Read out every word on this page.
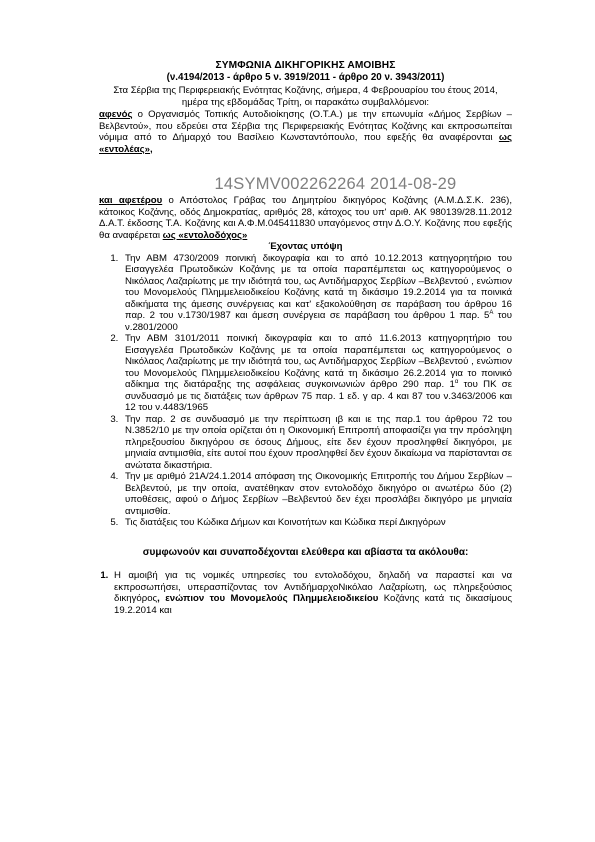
ΣΥΜΦΩΝΙΑ ΔΙΚΗΓΟΡΙΚΗΣ ΑΜΟΙΒΗΣ
(ν.4194/2013 - άρθρο 5 ν. 3919/2011 - άρθρο 20 ν. 3943/2011)
Στα Σέρβια της Περιφερειακής Ενότητας Κοζάνης, σήμερα, 4 Φεβρουαρίου του έτους 2014, ημέρα της εβδομάδας Τρίτη, οι παρακάτω συμβαλλόμενοι:
αφενός ο Οργανισμός Τοπικής Αυτοδιοίκησης (Ο.Τ.Α.) με την επωνυμία «Δήμος Σερβίων –Βελβεντού», που εδρεύει στα Σέρβια της Περιφερειακής Ενότητας Κοζάνης και εκπροσωπείται νόμιμα από το Δήμαρχό του Βασίλειο Κωνσταντόπουλο, που εφεξής θα αναφέρονται ως «εντολέας»,
14SYMV002262264 2014-08-29
και αφετέρου ο Απόστολος Γράβας του Δημητρίου δικηγόρος Κοζάνης (Α.Μ.Δ.Σ.Κ. 236), κάτοικος Κοζάνης, οδός Δημοκρατίας, αριθμός 28, κάτοχος του υπ' αριθ. ΑΚ 980139/28.11.2012 Δ.Α.Τ. έκδοσης Τ.Α. Κοζάνης και Α.Φ.Μ.045411830 υπαγόμενος στην Δ.Ο.Υ. Κοζάνης που εφεξής θα αναφέρεται ως «εντολοδόχος»
Έχοντας υπόψη
1. Την ΑΒΜ 4730/2009 ποινική δικογραφία και το από 10.12.2013 κατηγορητήριο του Εισαγγελέα Πρωτοδικών Κοζάνης με τα οποία παραπέμπεται ως κατηγορούμενος ο Νικόλαος Λαζαρίωτης με την ιδιότητά του, ως Αντιδήμαρχος Σερβίων –Βελβεντού , ενώπιον του Μονομελούς Πλημμελειοδικείου Κοζάνης κατά τη δικάσιμο 19.2.2014 για τα ποινικά αδικήματα της άμεσης συνέργειας και κατ' εξακολούθηση σε παράβαση του άρθρου 16 παρ. 2 του ν.1730/1987 και άμεση συνέργεια σε παράβαση του άρθρου 1 παρ. $5^A$ του ν.2801/2000
2. Την ΑΒΜ 3101/2011 ποινική δικογραφία και το από 11.6.2013 κατηγορητήριο του Εισαγγελέα Πρωτοδικών Κοζάνης με τα οποία παραπέμπεται ως κατηγορούμενος ο Νικόλαος Λαζαρίωτης με την ιδιότητά του, ως Αντιδήμαρχος Σερβίων –Βελβεντού , ενώπιον του Μονομελούς Πλημμελειοδικείου Κοζάνης κατά τη δικάσιμο 26.2.2014 για το ποινικό αδίκημα της διατάραξης της ασφάλειας συγκοινωνιών άρθρο 290 παρ. $1^\alpha$ του ΠΚ σε συνδυασμό με τις διατάξεις των άρθρων 75 παρ. 1 εδ. γ αρ. 4 και 87 του ν.3463/2006 και 12 του ν.4483/1965
3. Την παρ. 2 σε συνδυασμό με την περίπτωση ιβ και ιε της παρ.1 του άρθρου 72 του Ν.3852/10 με την οποία ορίζεται ότι η Οικονομική Επιτροπή αποφασίζει για την πρόσληψη πληρεξουσίου δικηγόρου σε όσους Δήμους, είτε δεν έχουν προσληφθεί δικηγόροι, με μηνιαία αντιμισθία, είτε αυτοί που έχουν προσληφθεί δεν έχουν δικαίωμα να παρίστανται σε ανώτατα δικαστήρια.
4. Την με αριθμό 21Α/24.1.2014 απόφαση της Οικονομικής Επιτροπής του Δήμου Σερβίων –Βελβεντού, με την οποία, ανατέθηκαν στον εντολοδόχο δικηγόρο οι ανωτέρω δύο (2) υποθέσεις, αφού ο Δήμος Σερβίων –Βελβεντού δεν έχει προσλάβει δικηγόρο με μηνιαία αντιμισθία.
5. Τις διατάξεις του Κώδικα Δήμων και Κοινοτήτων και Κώδικα περί Δικηγόρων
συμφωνούν και συναποδέχονται ελεύθερα και αβίαστα τα ακόλουθα:
1. Η αμοιβή για τις νομικές υπηρεσίες του εντολοδόχου, δηλαδή να παραστεί και να εκπροσωπήσει, υπερασπίζοντας τον ΑντιδήμαρχοΝικόλαο Λαζαρίωτη, ως πληρεξούσιος δικηγόρος, ενώπιον του Μονομελούς Πλημμελειοδικείου Κοζάνης κατά τις δικασίμους 19.2.2014 και
